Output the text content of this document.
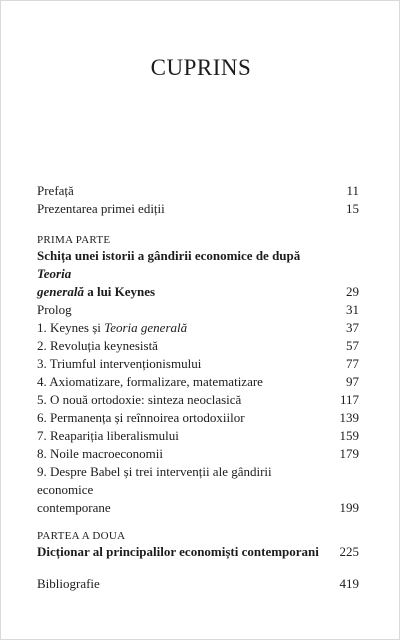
CUPRINS
Prefață	11
Prezentarea primei ediții	15
PRIMA PARTE
Schița unei istorii a gândirii economice de după Teoria
generală a lui Keynes	29
Prolog	31
1. Keynes și Teoria generală	37
2. Revoluția keynesistă	57
3. Triumful intervenționismului	77
4. Axiomatizare, formalizare, matematizare	97
5. O nouă ortodoxie: sinteza neoclasică	117
6. Permanența și reînnoirea ortodoxiilor	139
7. Reapariția liberalismului	159
8. Noile macroeconomii	179
9. Despre Babel și trei intervenții ale gândirii economice
contemporane	199
PARTEA A DOUA
Dicționar al principalilor economiști contemporani	225
Bibliografie	419
